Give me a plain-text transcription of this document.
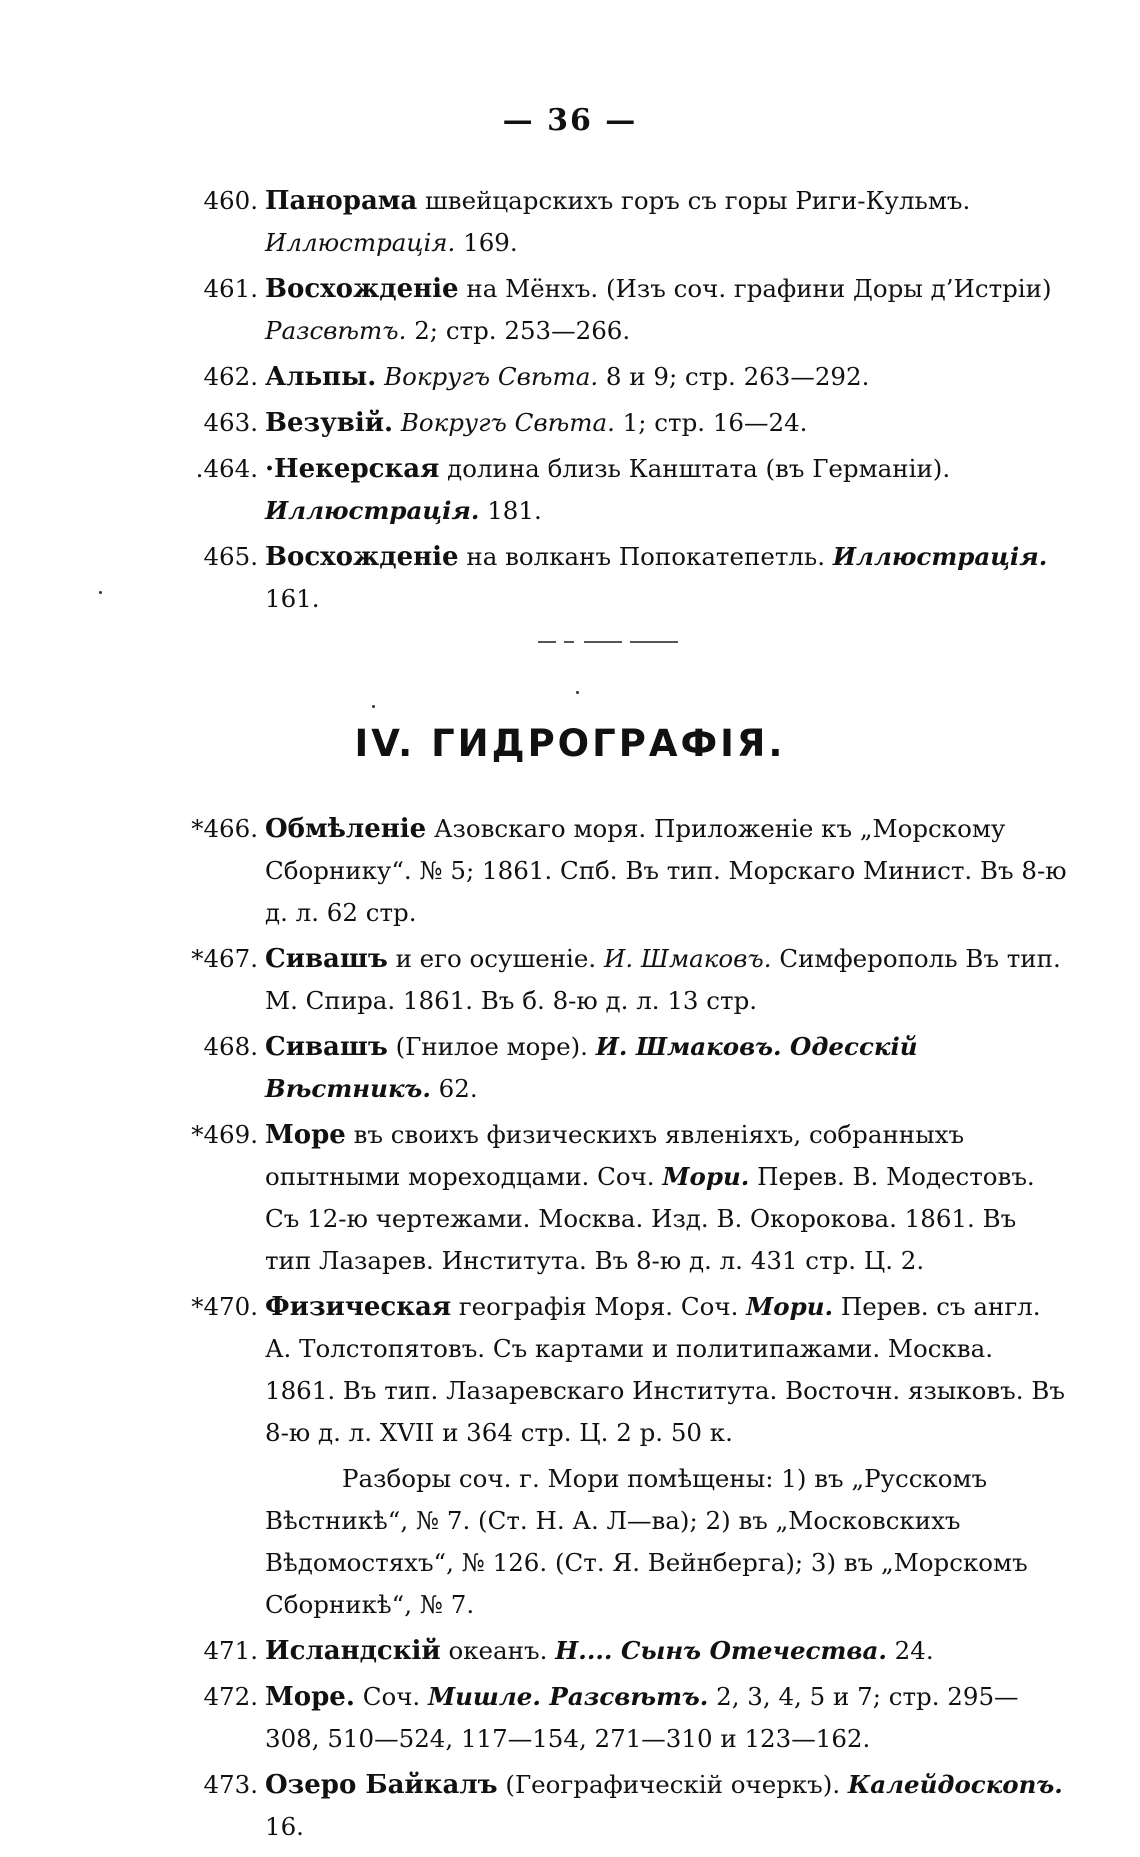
— 36 —
460. Панорама швейцарскихъ горъ съ горы Риги-Кульмъ. Иллюстрація. 169.
461. Восхожденіе на Мёнхъ. (Изъ соч. графини Доры д’Истріи) Разсвѣтъ. 2; стр. 253—266.
462. Альпы. Вокругъ Свѣта. 8 и 9; стр. 263—292.
463. Везувій. Вокругъ Свѣта. 1; стр. 16—24.
.464. ·Некерская долина близь Канштата (въ Германіи). Иллюстрація. 181.
465. Восхожденіе на волканъ Попокатепетль. Иллюстрація. 161.
IV. ГИДРОГРАФІЯ.
*466. Обмѣленіе Азовскаго моря. Приложеніе къ „Морскому Сборнику“. № 5; 1861. Спб. Въ тип. Морскаго Минист. Въ 8-ю д. л. 62 стр.
*467. Сивашъ и его осушеніе. И. Шмаковъ. Симферополь Въ тип. М. Спира. 1861. Въ б. 8-ю д. л. 13 стр.
468. Сивашъ (Гнилое море). И. Шмаковъ. Одесскій Вѣстникъ. 62.
*469. Море въ своихъ физическихъ явленіяхъ, собранныхъ опытными мореходцами. Соч. Мори. Перев. В. Модестовъ. Съ 12-ю чертежами. Москва. Изд. В. Окорокова. 1861. Въ тип Лазарев. Института. Въ 8-ю д. л. 431 стр. Ц. 2.
*470. Физическая географія Моря. Соч. Мори. Перев. съ англ. А. Толстопятовъ. Съ картами и политипажами. Москва. 1861. Въ тип. Лазаревскаго Института. Восточн. языковъ. Въ 8-ю д. л. XVII и 364 стр. Ц. 2 р. 50 к.
Разборы соч. г. Мори помѣщены: 1) въ „Русскомъ Вѣстникѣ“, № 7. (Ст. Н. А. Л—ва); 2) въ „Московскихъ Вѣдомостяхъ“, № 126. (Ст. Я. Вейнберга); 3) въ „Морскомъ Сборникѣ“, № 7.
471. Исландскій океанъ. Н.... Сынъ Отечества. 24.
472. Море. Соч. Мишле. Разсвѣтъ. 2, 3, 4, 5 и 7; стр. 295—308, 510—524, 117—154, 271—310 и 123—162.
473. Озеро Байкалъ (Географическій очеркъ). Калейдоскопъ. 16.
